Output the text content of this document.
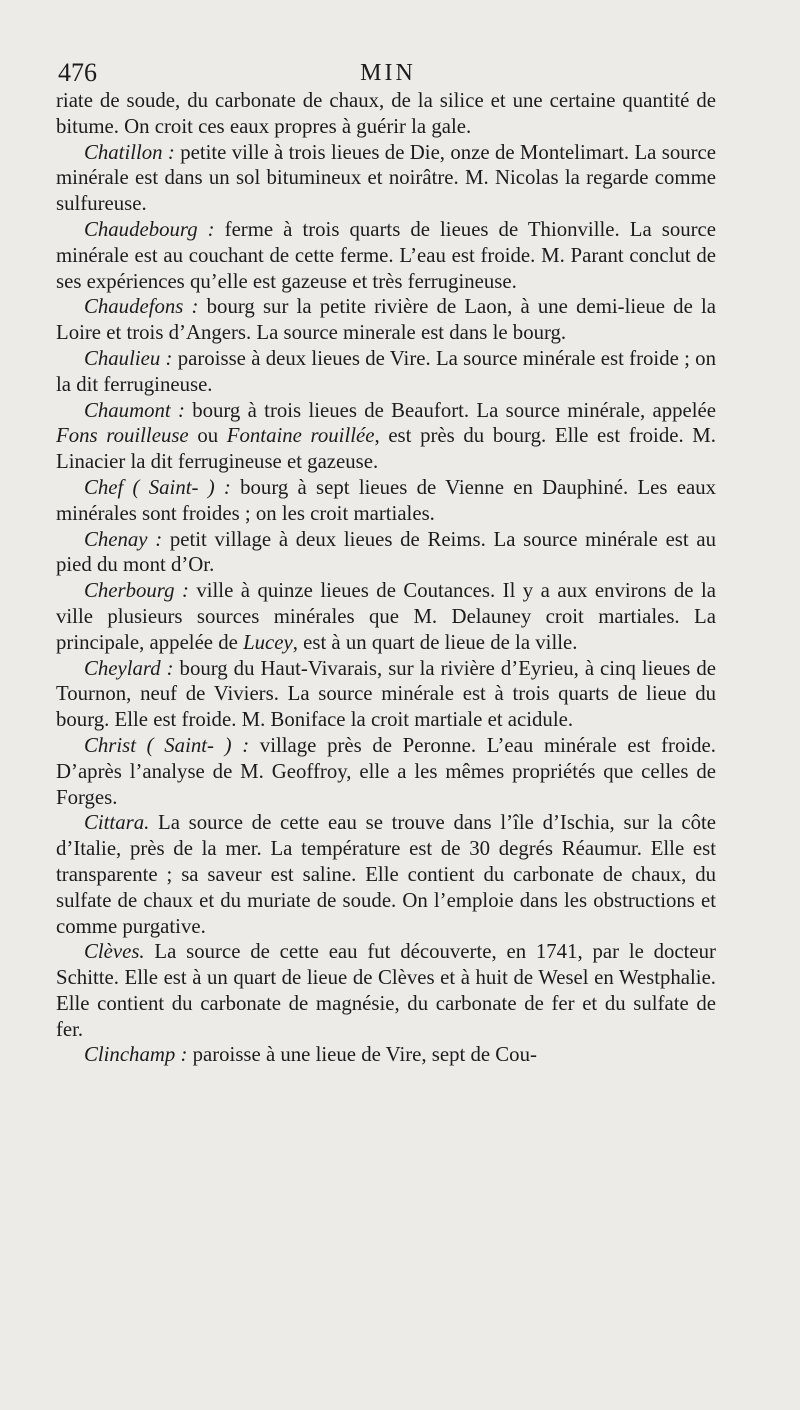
476	MIN

riate de soude, du carbonate de chaux, de la silice et une certaine quantité de bitume. On croit ces eaux propres à guérir la gale.

Chatillon : petite ville à trois lieues de Die, onze de Montelimart. La source minérale est dans un sol bitumineux et noirâtre. M. Nicolas la regarde comme sulfureuse.

Chaudebourg : ferme à trois quarts de lieues de Thionville. La source minérale est au couchant de cette ferme. L’eau est froide. M. Parant conclut de ses expériences qu’elle est gazeuse et très ferrugineuse.

Chaudefons : bourg sur la petite rivière de Laon, à une demi-lieue de la Loire et trois d’Angers. La source minerale est dans le bourg.

Chaulieu : paroisse à deux lieues de Vire. La source minérale est froide ; on la dit ferrugineuse.

Chaumont : bourg à trois lieues de Beaufort. La source minérale, appelée Fons rouilleuse ou Fontaine rouillée, est près du bourg. Elle est froide. M. Linacier la dit ferrugineuse et gazeuse.

Chef ( Saint- ) : bourg à sept lieues de Vienne en Dauphiné. Les eaux minérales sont froides ; on les croit martiales.

Chenay : petit village à deux lieues de Reims. La source minérale est au pied du mont d’Or.

Cherbourg : ville à quinze lieues de Coutances. Il y a aux environs de la ville plusieurs sources minérales que M. Delauney croit martiales. La principale, appelée de Lucey, est à un quart de lieue de la ville.

Cheylard : bourg du Haut-Vivarais, sur la rivière d’Eyrieu, à cinq lieues de Tournon, neuf de Viviers. La source minérale est à trois quarts de lieue du bourg. Elle est froide. M. Boniface la croit martiale et acidule.

Christ ( Saint- ) : village près de Peronne. L’eau minérale est froide. D’après l’analyse de M. Geoffroy, elle a les mêmes propriétés que celles de Forges.

Cittara. La source de cette eau se trouve dans l’île d’Ischia, sur la côte d’Italie, près de la mer. La température est de 30 degrés Réaumur. Elle est transparente ; sa saveur est saline. Elle contient du carbonate de chaux, du sulfate de chaux et du muriate de soude. On l’emploie dans les obstructions et comme purgative.

Clèves. La source de cette eau fut découverte, en 1741, par le docteur Schitte. Elle est à un quart de lieue de Clèves et à huit de Wesel en Westphalie. Elle contient du carbonate de magnésie, du carbonate de fer et du sulfate de fer.

Clinchamp : paroisse à une lieue de Vire, sept de Cou-
